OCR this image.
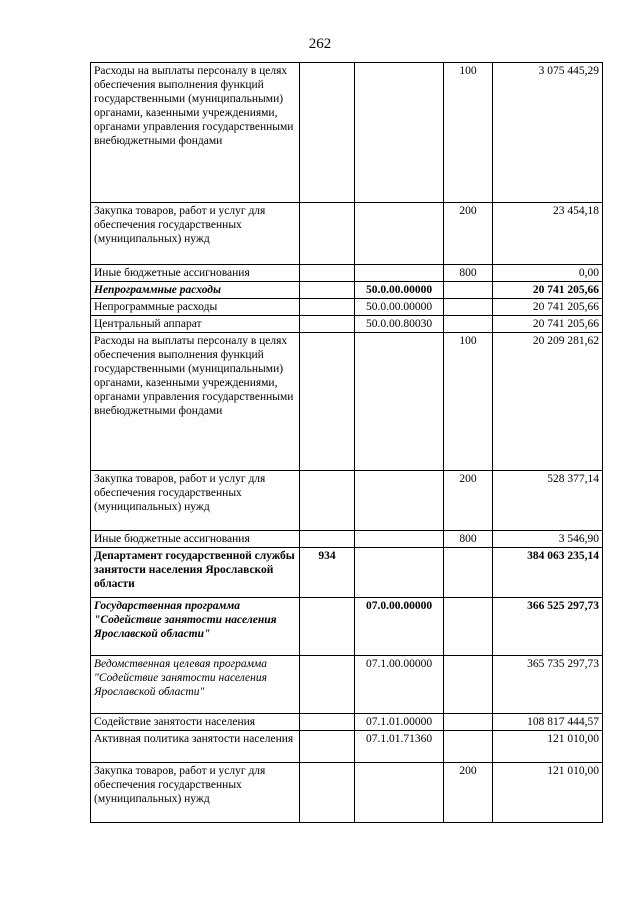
262
Расходы на выплаты персоналу в целях обеспечения выполнения функций государственными (муниципальными) органами, казенными учреждениями, органами управления государственными внебюджетными фондами			100	3 075 445,29
Закупка товаров, работ и услуг для обеспечения государственных (муниципальных) нужд			200	23 454,18
Иные бюджетные ассигнования			800	0,00
Непрограммные расходы		50.0.00.00000		20 741 205,66
Непрограммные расходы		50.0.00.00000		20 741 205,66
Центральный аппарат		50.0.00.80030		20 741 205,66
Расходы на выплаты персоналу в целях обеспечения выполнения функций государственными (муниципальными) органами, казенными учреждениями, органами управления государственными внебюджетными фондами			100	20 209 281,62
Закупка товаров, работ и услуг для обеспечения государственных (муниципальных) нужд			200	528 377,14
Иные бюджетные ассигнования			800	3 546,90
Департамент государственной службы занятости населения Ярославской области	934			384 063 235,14
Государственная программа "Содействие занятости населения Ярославской области"		07.0.00.00000		366 525 297,73
Ведомственная целевая программа "Содействие занятости населения Ярославской области"		07.1.00.00000		365 735 297,73
Содействие занятости населения		07.1.01.00000		108 817 444,57
Активная политика занятости населения		07.1.01.71360		121 010,00
Закупка товаров, работ и услуг для обеспечения государственных (муниципальных) нужд			200	121 010,00
